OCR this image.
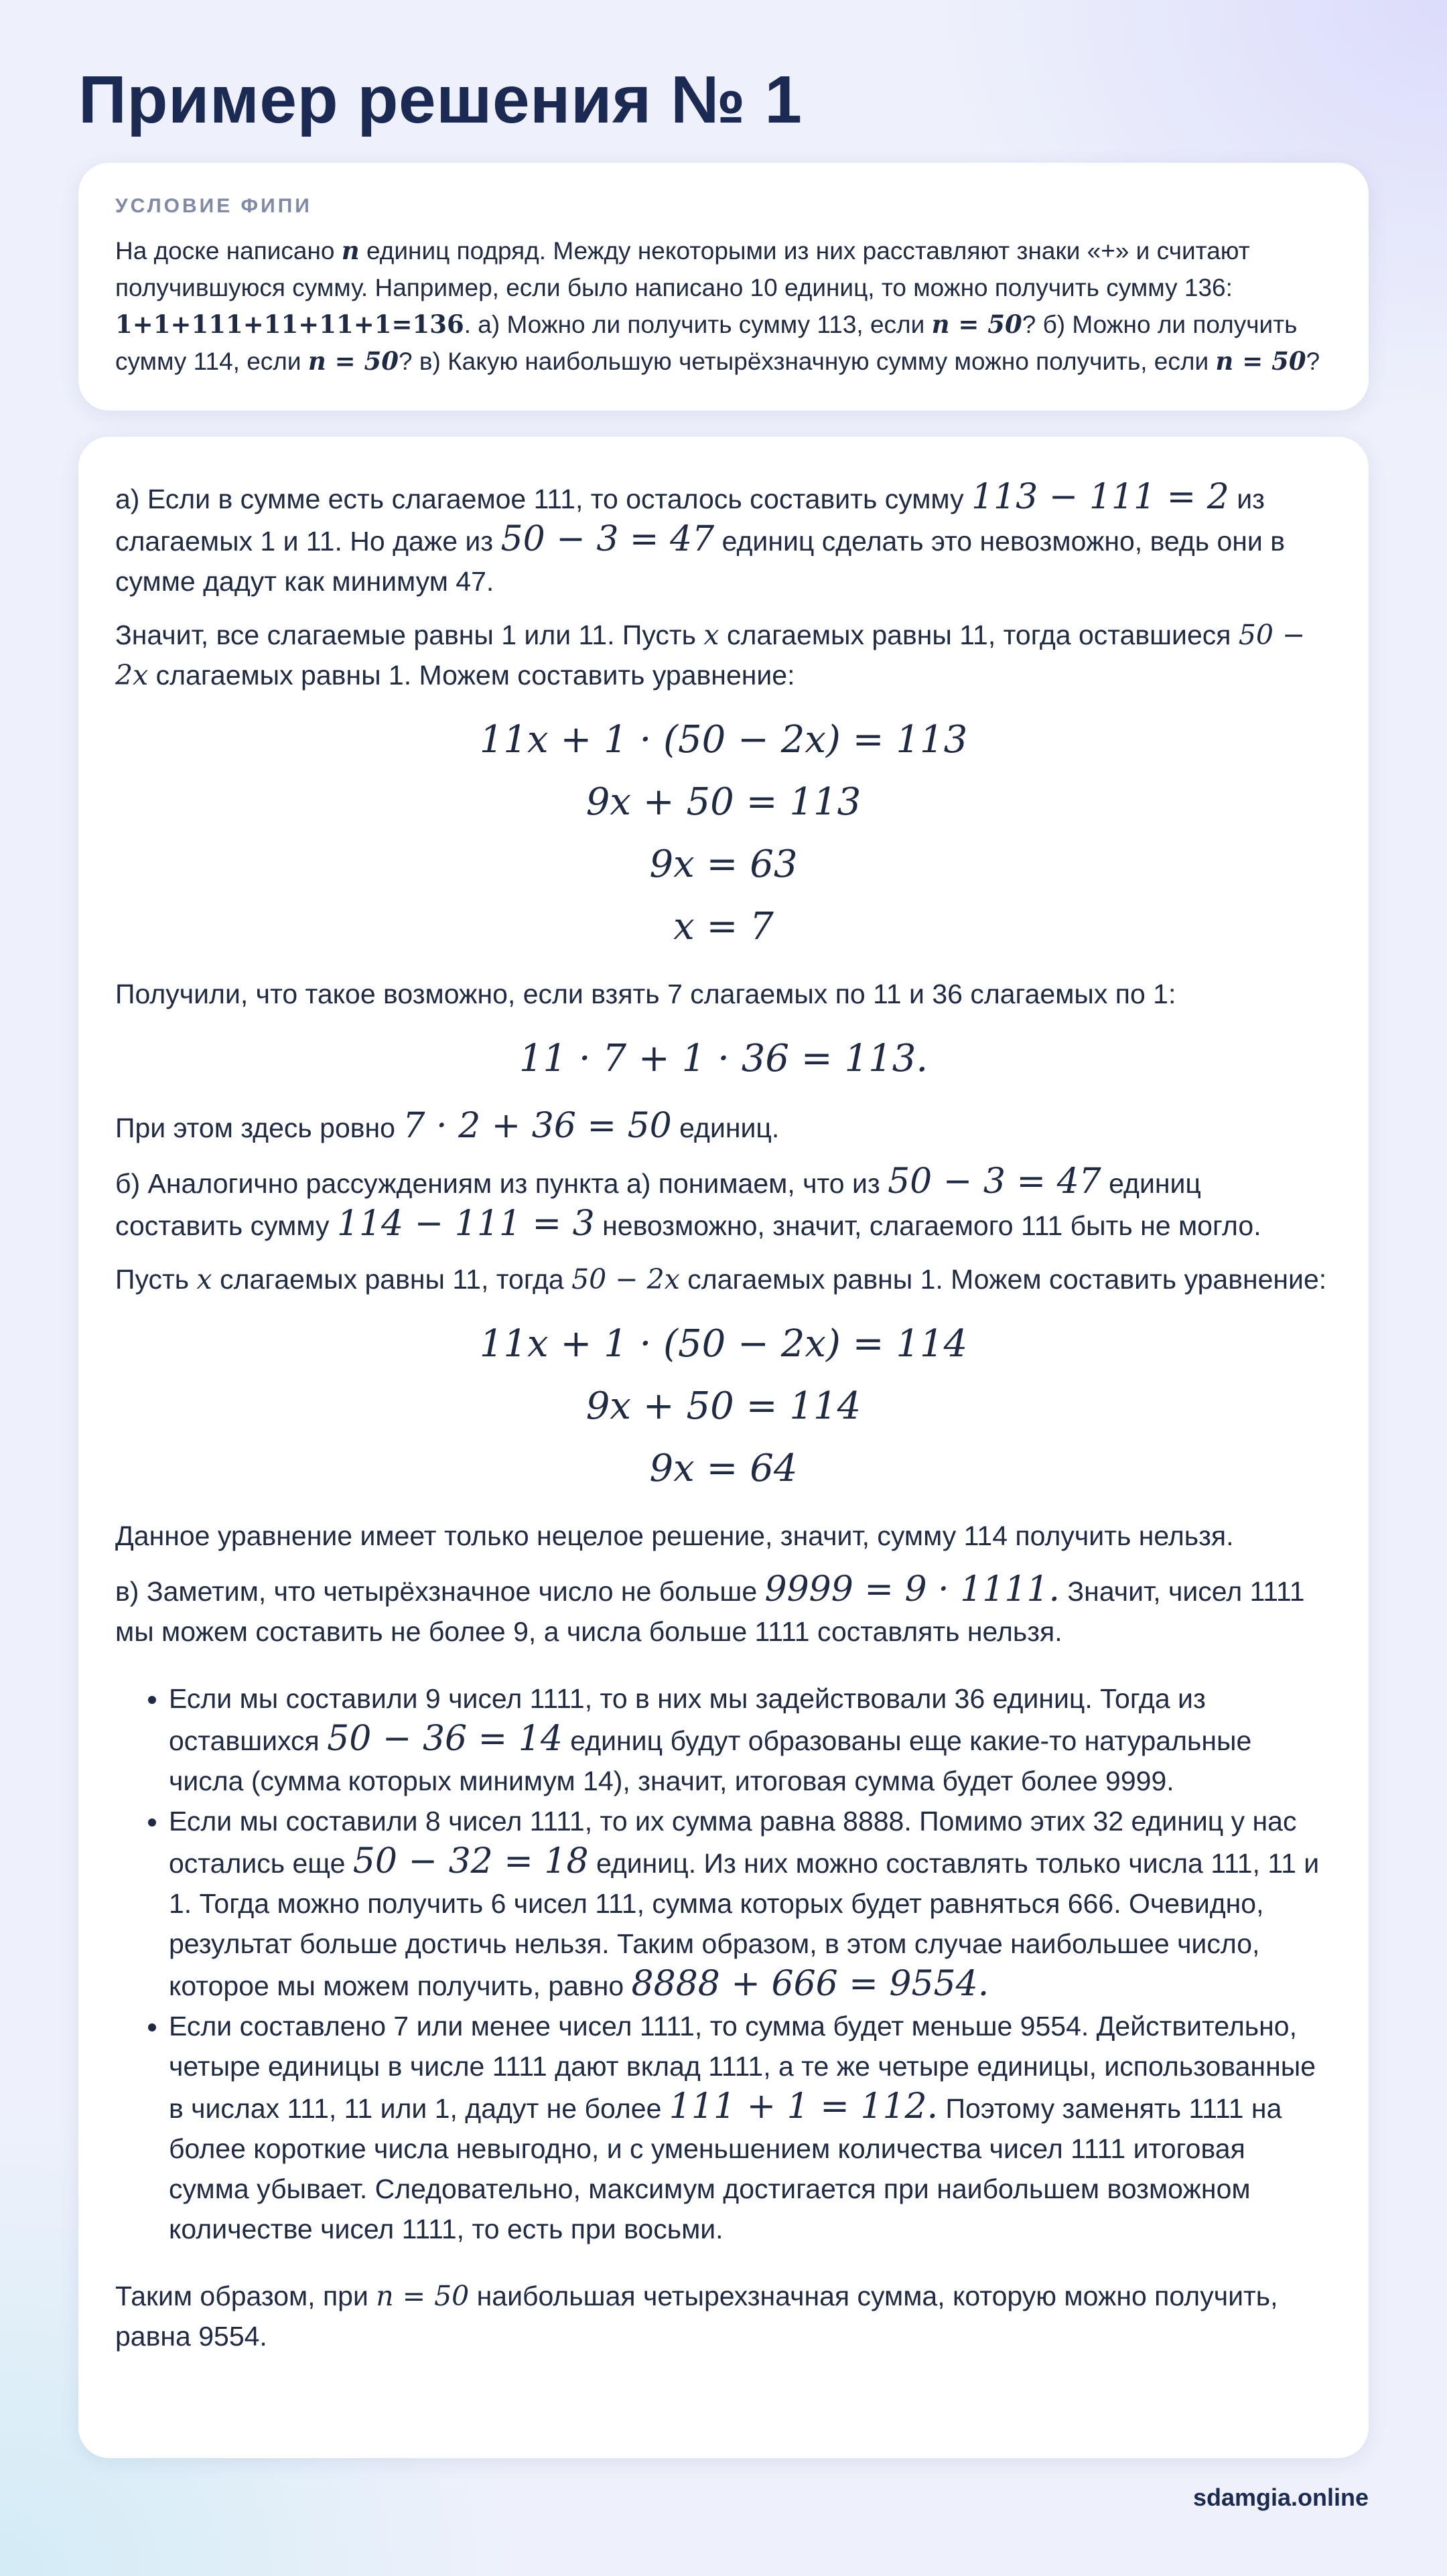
Пример решения № 1
УСЛОВИЕ ФИПИ
На доске написано n единиц подряд. Между некоторыми из них расставляют знаки «+» и считают получившуюся сумму. Например, если было написано 10 единиц, то можно получить сумму 136: 1+1+111+11+11+1=136. а) Можно ли получить сумму 113, если n = 50? б) Можно ли получить сумму 114, если n = 50? в) Какую наибольшую четырёхзначную сумму можно получить, если n = 50?

а) Если в сумме есть слагаемое 111, то осталось составить сумму 113 − 111 = 2 из слагаемых 1 и 11. Но даже из 50 − 3 = 47 единиц сделать это невозможно, ведь они в сумме дадут как минимум 47.

Значит, все слагаемые равны 1 или 11. Пусть x слагаемых равны 11, тогда оставшиеся 50 − 2x слагаемых равны 1. Можем составить уравнение:

11x + 1 · (50 − 2x) = 113
9x + 50 = 113
9x = 63
x = 7

Получили, что такое возможно, если взять 7 слагаемых по 11 и 36 слагаемых по 1:

11 · 7 + 1 · 36 = 113.

При этом здесь ровно 7 · 2 + 36 = 50 единиц.

б) Аналогично рассуждениям из пункта а) понимаем, что из 50 − 3 = 47 единиц составить сумму 114 − 111 = 3 невозможно, значит, слагаемого 111 быть не могло.

Пусть x слагаемых равны 11, тогда 50 − 2x слагаемых равны 1. Можем составить уравнение:

11x + 1 · (50 − 2x) = 114
9x + 50 = 114
9x = 64

Данное уравнение имеет только нецелое решение, значит, сумму 114 получить нельзя.

в) Заметим, что четырёхзначное число не больше 9999 = 9 · 1111. Значит, чисел 1111 мы можем составить не более 9, а числа больше 1111 составлять нельзя.

• Если мы составили 9 чисел 1111, то в них мы задействовали 36 единиц. Тогда из оставшихся 50 − 36 = 14 единиц будут образованы еще какие-то натуральные числа (сумма которых минимум 14), значит, итоговая сумма будет более 9999.
• Если мы составили 8 чисел 1111, то их сумма равна 8888. Помимо этих 32 единиц у нас остались еще 50 − 32 = 18 единиц. Из них можно составлять только числа 111, 11 и 1. Тогда можно получить 6 чисел 111, сумма которых будет равняться 666. Очевидно, результат больше достичь нельзя. Таким образом, в этом случае наибольшее число, которое мы можем получить, равно 8888 + 666 = 9554.
• Если составлено 7 или менее чисел 1111, то сумма будет меньше 9554. Действительно, четыре единицы в числе 1111 дают вклад 1111, а те же четыре единицы, использованные в числах 111, 11 или 1, дадут не более 111 + 1 = 112. Поэтому заменять 1111 на более короткие числа невыгодно, и с уменьшением количества чисел 1111 итоговая сумма убывает. Следовательно, максимум достигается при наибольшем возможном количестве чисел 1111, то есть при восьми.

Таким образом, при n = 50 наибольшая четырехзначная сумма, которую можно получить, равна 9554.

sdamgia.online
